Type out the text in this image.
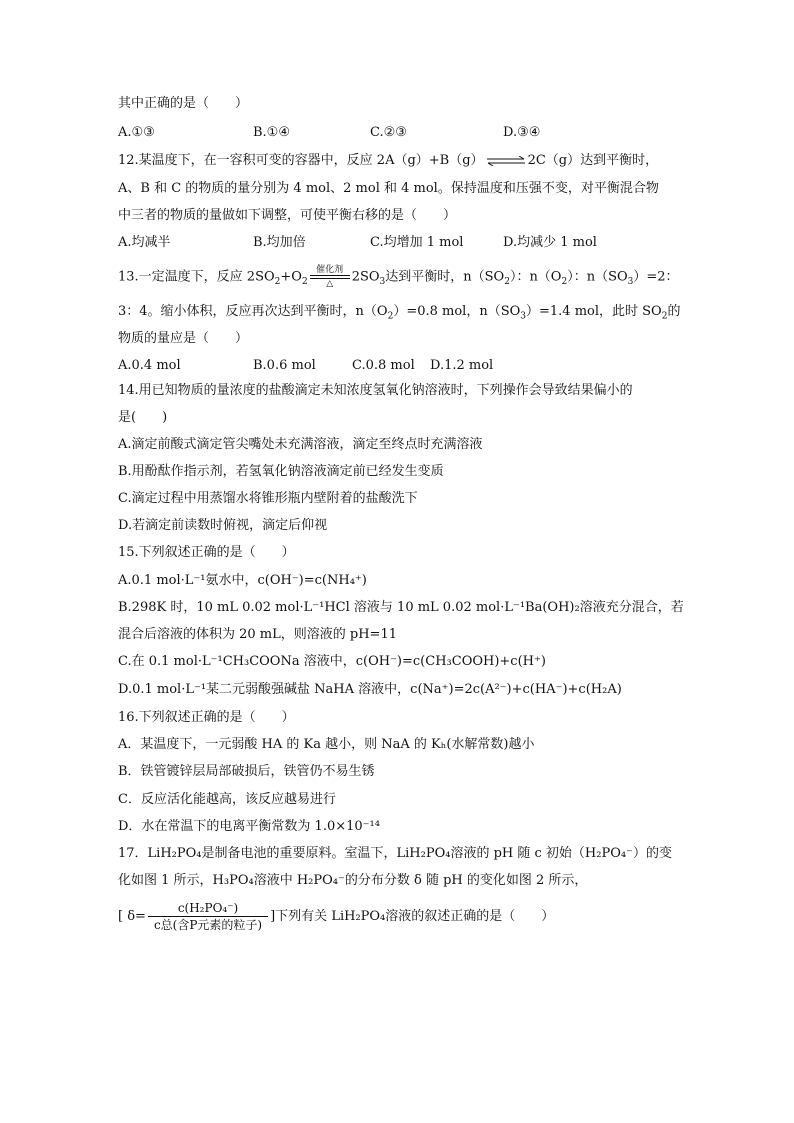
其中正确的是（　　）
A.①③	B.①④	C.②③	D.③④
12.某温度下，在一容积可变的容器中，反应 2A（g）+B（g） ⇌ 2C（g）达到平衡时，
A、B 和 C 的物质的量分别为 4 mol、2 mol 和 4 mol。保持温度和压强不变，对平衡混合物
中三者的物质的量做如下调整，可使平衡右移的是（　　）
A.均减半	B.均加倍	C.均增加 1 mol	D.均减少 1 mol
13.一定温度下，反应 $2SO_2+O_2$
催化剂
△	$2SO_3$达到平衡时，$n(SO_2)$：$n(O_2)$：$n(SO_3)=2$：
3：4。缩小体积，反应再次达到平衡时，$n(O_2)=0.8$ mol，$n(SO_3)=1.4$ mol，此时 $SO_2$的
物质的量应是（　　）
A.0.4 mol	B.0.6 mol	C.0.8 mol D.1.2 mol
14.用已知物质的量浓度的盐酸滴定未知浓度氢氧化钠溶液时，下列操作会导致结果偏小的
是(　　)
A.滴定前酸式滴定管尖嘴处未充满溶液，滴定至终点时充满溶液
B.用酚酞作指示剂，若氢氧化钠溶液滴定前已经发生变质
C.滴定过程中用蒸馏水将锥形瓶内壁附着的盐酸洗下
D.若滴定前读数时俯视，滴定后仰视
15.下列叙述正确的是（　　）
A.0.1 mol·L⁻¹氨水中，c(OH⁻)=c(NH₄⁺)
B.298K 时，10 mL 0.02 mol·L⁻¹HCl 溶液与 10 mL 0.02 mol·L⁻¹Ba(OH)₂溶液充分混合，若
混合后溶液的体积为 20 mL，则溶液的 pH=11
C.在 0.1 mol·L⁻¹CH₃COONa 溶液中，c(OH⁻)=c(CH₃COOH)+c(H⁺)
D.0.1 mol·L⁻¹某二元弱酸强碱盐 NaHA 溶液中，c(Na⁺)=2c(A²⁻)+c(HA⁻)+c(H₂A)
16.下列叙述正确的是（　　）
A．某温度下，一元弱酸 HA 的 Ka 越小，则 NaA 的 Kₕ(水解常数)越小
B．铁管镀锌层局部破损后，铁管仍不易生锈
C．反应活化能越高，该反应越易进行
D．水在常温下的电离平衡常数为 1.0×10⁻¹⁴
17．LiH₂PO₄是制备电池的重要原料。室温下，LiH₂PO₄溶液的 pH 随 c 初始（H₂PO₄⁻）的变
化如图 1 所示，H₃PO₄溶液中 H₂PO₄⁻的分布分数 δ 随 pH 的变化如图 2 所示，
[ $\delta= \frac{\text{c(H₂PO₄⁻)}}{\text{c总(含P元素的粒子)}}$ ]下列有关 LiH₂PO₄溶液的叙述正确的是（　　）
